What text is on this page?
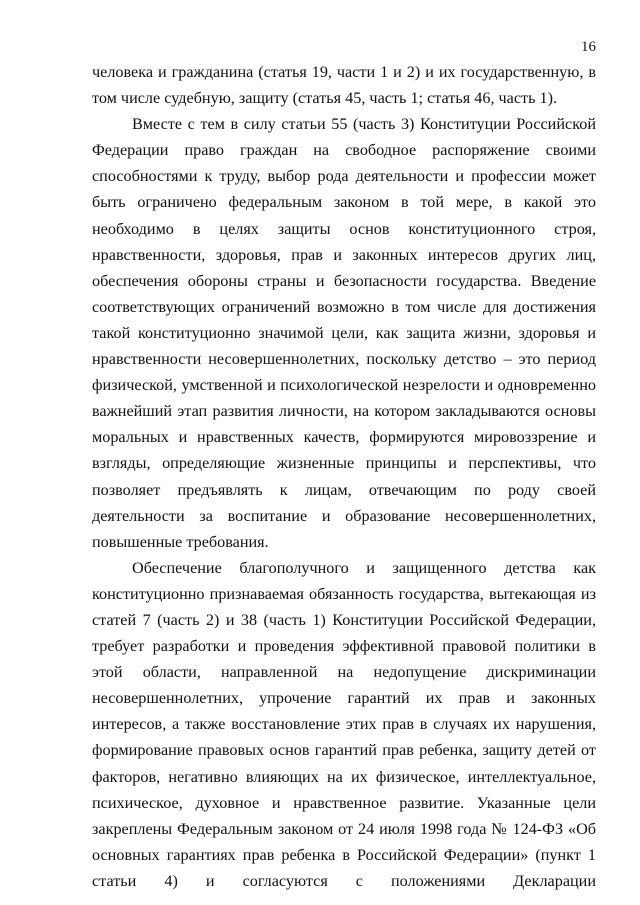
16

человека и гражданина (статья 19, части 1 и 2) и их государственную, в том числе судебную, защиту (статья 45, часть 1; статья 46, часть 1).

Вместе с тем в силу статьи 55 (часть 3) Конституции Российской Федерации право граждан на свободное распоряжение своими способностями к труду, выбор рода деятельности и профессии может быть ограничено федеральным законом в той мере, в какой это необходимо в целях защиты основ конституционного строя, нравственности, здоровья, прав и законных интересов других лиц, обеспечения обороны страны и безопасности государства. Введение соответствующих ограничений возможно в том числе для достижения такой конституционно значимой цели, как защита жизни, здоровья и нравственности несовершеннолетних, поскольку детство – это период физической, умственной и психологической незрелости и одновременно важнейший этап развития личности, на котором закладываются основы моральных и нравственных качеств, формируются мировоззрение и взгляды, определяющие жизненные принципы и перспективы, что позволяет предъявлять к лицам, отвечающим по роду своей деятельности за воспитание и образование несовершеннолетних, повышенные требования.

Обеспечение благополучного и защищенного детства как конституционно признаваемая обязанность государства, вытекающая из статей 7 (часть 2) и 38 (часть 1) Конституции Российской Федерации, требует разработки и проведения эффективной правовой политики в этой области, направленной на недопущение дискриминации несовершеннолетних, упрочение гарантий их прав и законных интересов, а также восстановление этих прав в случаях их нарушения, формирование правовых основ гарантий прав ребенка, защиту детей от факторов, негативно влияющих на их физическое, интеллектуальное, психическое, духовное и нравственное развитие. Указанные цели закреплены Федеральным законом от 24 июля 1998 года № 124-ФЗ «Об основных гарантиях прав ребенка в Российской Федерации» (пункт 1 статьи 4) и согласуются с положениями Декларации
